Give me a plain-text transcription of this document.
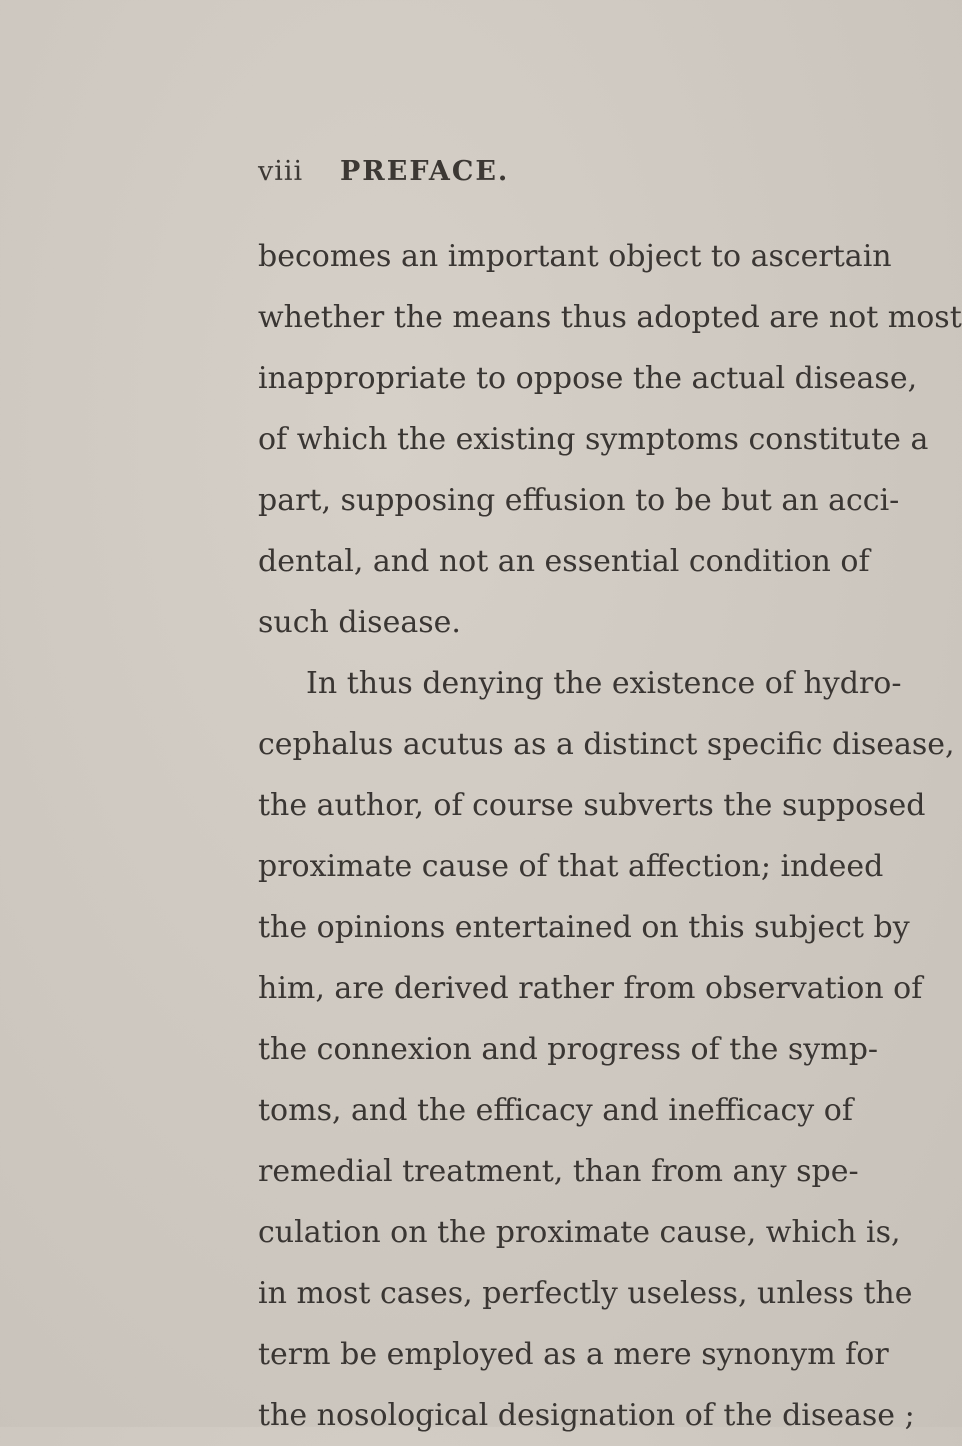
viii PREFACE.
becomes an important object to ascertain
whether the means thus adopted are not most
inappropriate to oppose the actual disease,
of which the existing symptoms constitute a
part, supposing effusion to be but an acci-
dental, and not an essential condition of
such disease.
In thus denying the existence of hydro-
cephalus acutus as a distinct specific disease,
the author, of course subverts the supposed
proximate cause of that affection; indeed
the opinions entertained on this subject by
him, are derived rather from observation of
the connexion and progress of the symp-
toms, and the efficacy and inefficacy of
remedial treatment, than from any spe-
culation on the proximate cause, which is,
in most cases, perfectly useless, unless the
term be employed as a mere synonym for
the nosological designation of the disease ;
